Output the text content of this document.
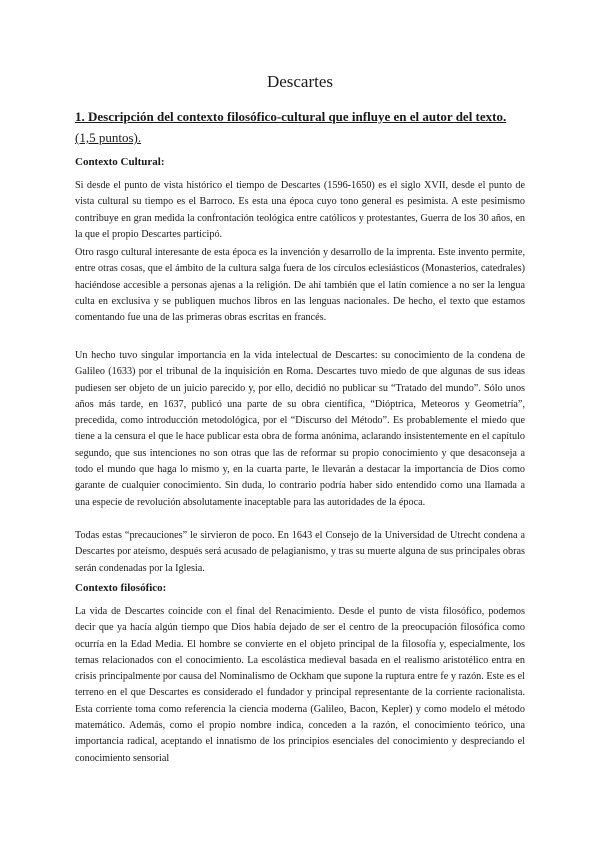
Descartes
1. Descripción del contexto filosófico-cultural que influye en el autor del texto. (1,5 puntos).
Contexto Cultural:

Si desde el punto de vista histórico el tiempo de Descartes (1596-1650) es el siglo XVII, desde el punto de vista cultural su tiempo es el Barroco. Es esta una época cuyo tono general es pesimista. A este pesimismo contribuye en gran medida la confrontación teológica entre católicos y protestantes, Guerra de los 30 años, en la que el propio Descartes participó.

Otro rasgo cultural interesante de esta época es la invención y desarrollo de la imprenta. Este invento permite, entre otras cosas, que el ámbito de la cultura salga fuera de los círculos eclesiásticos (Monasterios, catedrales) haciéndose accesible a personas ajenas a la religión. De ahí también que el latín comience a no ser la lengua culta en exclusiva y se publiquen muchos libros en las lenguas nacionales. De hecho, el texto que estamos comentando fue una de las primeras obras escritas en francés.

Un hecho tuvo singular importancia en la vida intelectual de Descartes: su conocimiento de la condena de Galileo (1633) por el tribunal de la inquisición en Roma. Descartes tuvo miedo de que algunas de sus ideas pudiesen ser objeto de un juicio parecido y, por ello, decidió no publicar su “Tratado del mundo”. Sólo unos años más tarde, en 1637, publicó una parte de su obra científica, “Dióptrica, Meteoros y Geometría”, precedida, como introducción metodológica, por el “Discurso del Método”. Es probablemente el miedo que tiene a la censura el que le hace publicar esta obra de forma anónima, aclarando insistentemente en el capítulo segundo, que sus intenciones no son otras que las de reformar su propio conocimiento y que desaconseja a todo el mundo que haga lo mismo y, en la cuarta parte, le llevarán a destacar la importancia de Dios como garante de cualquier conocimiento. Sin duda, lo contrario podría haber sido entendido como una llamada a una especie de revolución absolutamente inaceptable para las autoridades de la época.

Todas estas “precauciones” le sirvieron de poco. En 1643 el Consejo de la Universidad de Utrecht condena a Descartes por ateísmo, después será acusado de pelagianismo, y tras su muerte alguna de sus principales obras serán condenadas por la Iglesia.

Contexto filosófico:

La vida de Descartes coincide con el final del Renacimiento. Desde el punto de vista filosófico, podemos decir que ya hacía algún tiempo que Dios había dejado de ser el centro de la preocupación filosófica como ocurría en la Edad Media. El hombre se convierte en el objeto principal de la filosofía y, especialmente, los temas relacionados con el conocimiento. La escolástica medieval basada en el realismo aristotélico entra en crisis principalmente por causa del Nominalismo de Ockham que supone la ruptura entre fe y razón. Este es el terreno en el que Descartes es considerado el fundador y principal representante de la corriente racionalista. Esta corriente toma como referencia la ciencia moderna (Galileo, Bacon, Kepler) y como modelo el método matemático. Además, como el propio nombre indica, conceden a la razón, el conocimiento teórico, una importancia radical, aceptando el innatismo de los principios esenciales del conocimiento y despreciando el conocimiento sensorial
